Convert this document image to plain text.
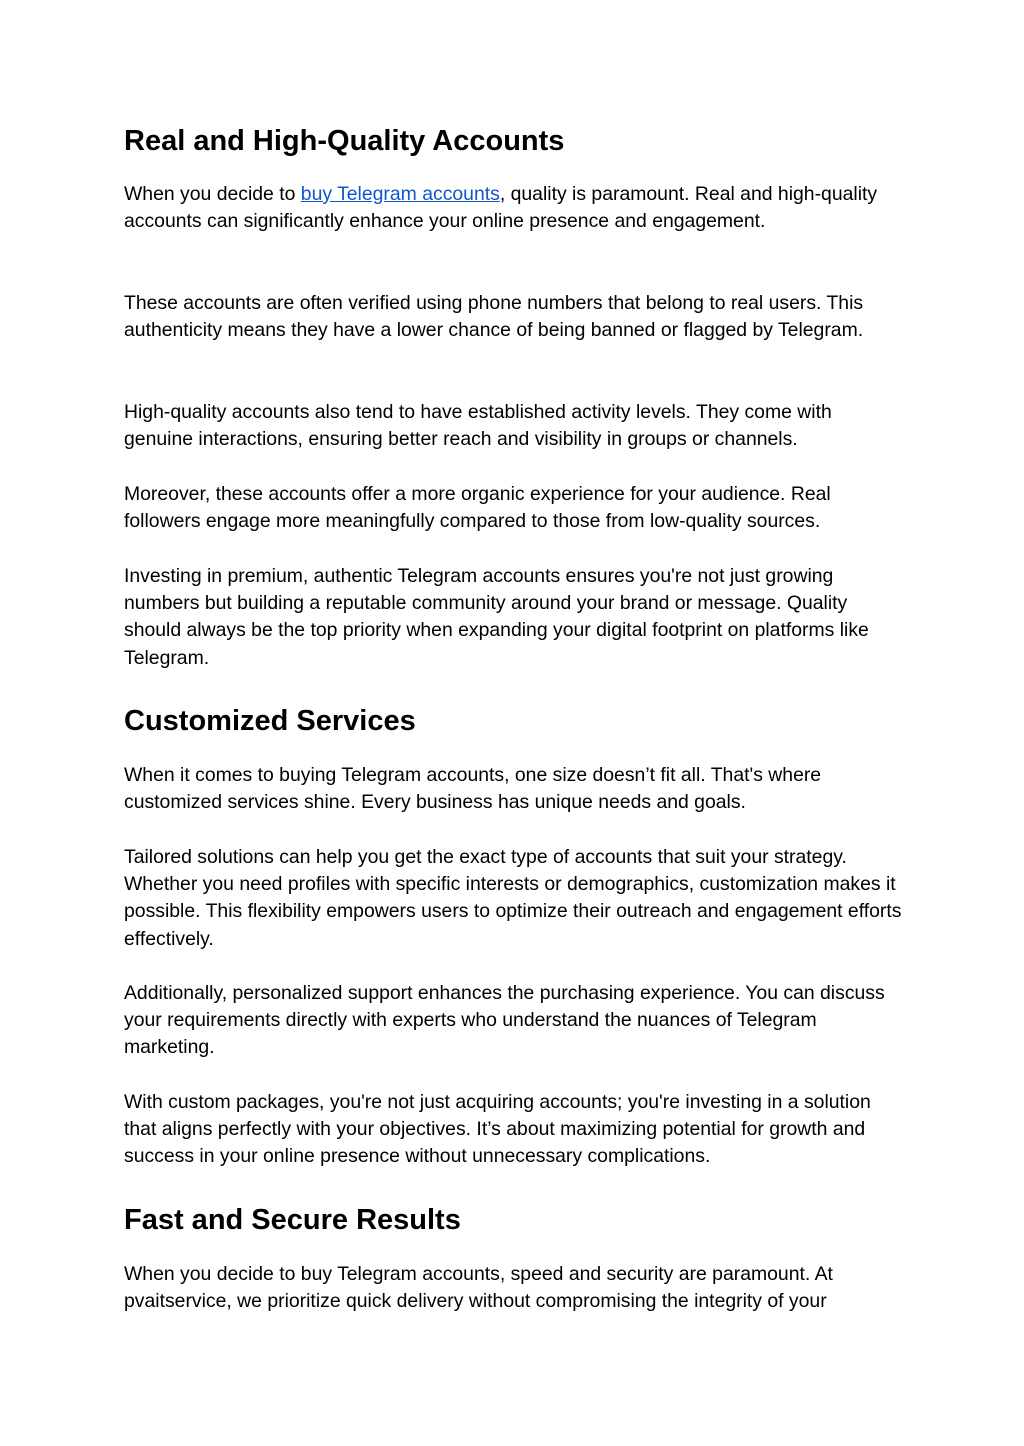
Real and High-Quality Accounts

When you decide to buy Telegram accounts, quality is paramount. Real and high-quality accounts can significantly enhance your online presence and engagement.

These accounts are often verified using phone numbers that belong to real users. This authenticity means they have a lower chance of being banned or flagged by Telegram.

High-quality accounts also tend to have established activity levels. They come with genuine interactions, ensuring better reach and visibility in groups or channels.

Moreover, these accounts offer a more organic experience for your audience. Real followers engage more meaningfully compared to those from low-quality sources.

Investing in premium, authentic Telegram accounts ensures you're not just growing numbers but building a reputable community around your brand or message. Quality should always be the top priority when expanding your digital footprint on platforms like Telegram.

Customized Services

When it comes to buying Telegram accounts, one size doesn’t fit all. That's where customized services shine. Every business has unique needs and goals.

Tailored solutions can help you get the exact type of accounts that suit your strategy. Whether you need profiles with specific interests or demographics, customization makes it possible. This flexibility empowers users to optimize their outreach and engagement efforts effectively.

Additionally, personalized support enhances the purchasing experience. You can discuss your requirements directly with experts who understand the nuances of Telegram marketing.

With custom packages, you're not just acquiring accounts; you're investing in a solution that aligns perfectly with your objectives. It’s about maximizing potential for growth and success in your online presence without unnecessary complications.

Fast and Secure Results

When you decide to buy Telegram accounts, speed and security are paramount. At pvaitservice, we prioritize quick delivery without compromising the integrity of your
